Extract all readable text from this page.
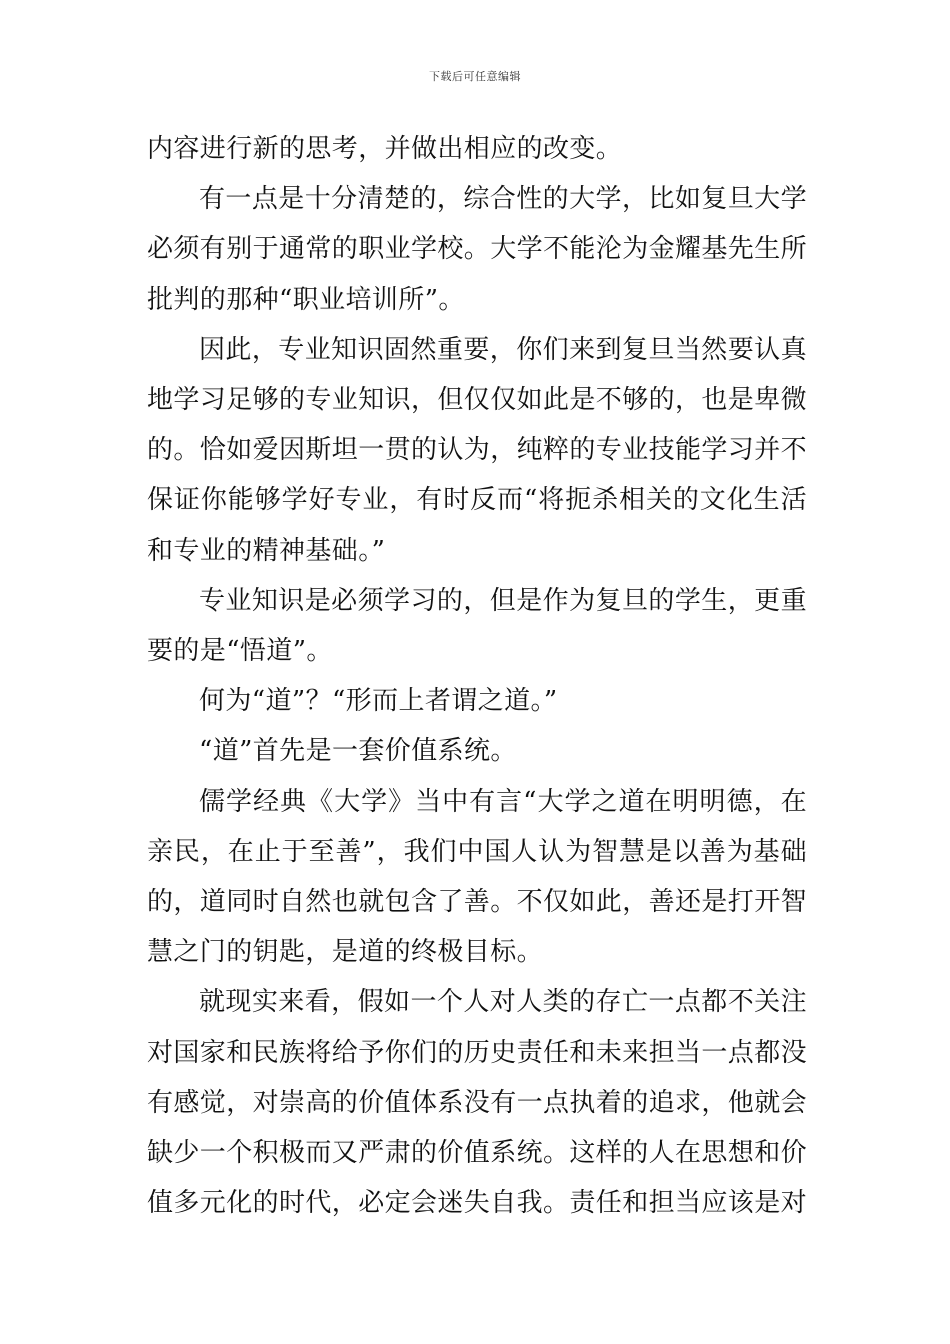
下载后可任意编辑

内容进行新的思考，并做出相应的改变。

有一点是十分清楚的，综合性的大学，比如复旦大学必须有别于通常的职业学校。大学不能沦为金耀基先生所批判的那种“职业培训所”。

因此，专业知识固然重要，你们来到复旦当然要认真地学习足够的专业知识，但仅仅如此是不够的，也是卑微的。恰如爱因斯坦一贯的认为，纯粹的专业技能学习并不保证你能够学好专业，有时反而“将扼杀相关的文化生活和专业的精神基础。”

专业知识是必须学习的，但是作为复旦的学生，更重要的是“悟道”。

何为“道”？“形而上者谓之道。”

“道”首先是一套价值系统。

儒学经典《大学》当中有言“大学之道在明明德，在亲民，在止于至善”，我们中国人认为智慧是以善为基础的，道同时自然也就包含了善。不仅如此，善还是打开智慧之门的钥匙，是道的终极目标。

就现实来看，假如一个人对人类的存亡一点都不关注对国家和民族将给予你们的历史责任和未来担当一点都没有感觉，对崇高的价值体系没有一点执着的追求，他就会缺少一个积极而又严肃的价值系统。这样的人在思想和价值多元化的时代，必定会迷失自我。责任和担当应该是对
